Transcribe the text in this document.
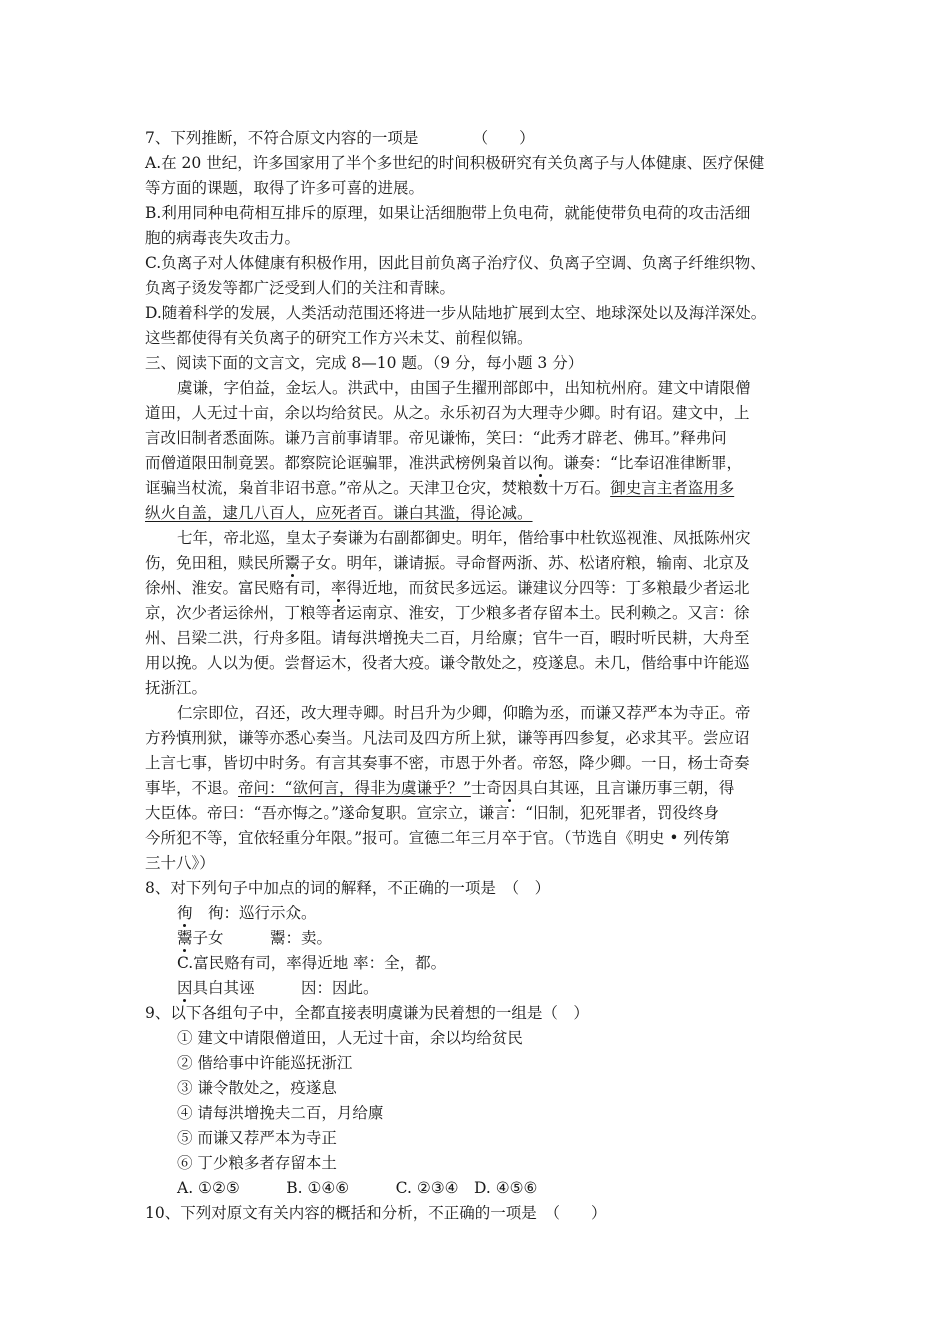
7、下列推断，不符合原文内容的一项是　　　　（　　）
A.在 20 世纪，许多国家用了半个多世纪的时间积极研究有关负离子与人体健康、医疗保健
等方面的课题，取得了许多可喜的进展。
B.利用同种电荷相互排斥的原理，如果让活细胞带上负电荷，就能使带负电荷的攻击活细
胞的病毒丧失攻击力。
C.负离子对人体健康有积极作用，因此目前负离子治疗仪、负离子空调、负离子纤维织物、
负离子烫发等都广泛受到人们的关注和青睐。
D.随着科学的发展，人类活动范围还将进一步从陆地扩展到太空、地球深处以及海洋深处。
这些都使得有关负离子的研究工作方兴未艾、前程似锦。
三、阅读下面的文言文，完成 8—10 题。（9 分，每小题 3 分）
虞谦，字伯益，金坛人。洪武中，由国子生擢刑部郎中，出知杭州府。建文中请限僧
道田，人无过十亩，余以均给贫民。从之。永乐初召为大理寺少卿。时有诏。建文中，上
言改旧制者悉面陈。谦乃言前事请罪。帝见谦怖，笑曰：“此秀才辟老、佛耳。”释弗问
而僧道限田制竟罢。都察院论诓骗罪，准洪武榜例枭首以徇。谦奏：“比奉诏准律断罪，
诓骗当杖流，枭首非诏书意。”帝从之。天津卫仓灾，焚粮数十万石。御史言主者盗用多
纵火自盖，逮几八百人，应死者百。谦白其滥，得论减。
七年，帝北巡，皇太子奏谦为右副都御史。明年，偕给事中杜钦巡视淮、凤抵陈州灾
伤，免田租，赎民所鬻子女。明年，谦请振。寻命督两浙、苏、松诸府粮，输南、北京及
徐州、淮安。富民赂有司，率得近地，而贫民多远运。谦建议分四等：丁多粮最少者运北
京，次少者运徐州，丁粮等者运南京、淮安，丁少粮多者存留本土。民利赖之。又言：徐
州、吕梁二洪，行舟多阻。请每洪增挽夫二百，月给廪；官牛一百，暇时听民耕，大舟至
用以挽。人以为便。尝督运木，役者大疫。谦令散处之，疫遂息。未几，偕给事中许能巡
抚浙江。
仁宗即位，召还，改大理寺卿。时吕升为少卿，仰瞻为丞，而谦又荐严本为寺正。帝
方矜慎刑狱，谦等亦悉心奏当。凡法司及四方所上狱，谦等再四参复，必求其平。尝应诏
上言七事，皆切中时务。有言其奏事不密，市恩于外者。帝怒，降少卿。一日，杨士奇奏
事毕，不退。帝问：“欲何言，得非为虞谦乎？”士奇因具白其诬，且言谦历事三朝，得
大臣体。帝曰：“吾亦悔之。”遂命复职。宣宗立，谦言：“旧制，犯死罪者，罚役终身
今所犯不等，宜依轻重分年限。”报可。宣德二年三月卒于官。（节选自《明史 • 列传第
三十八》）
8、对下列句子中加点的词的解释，不正确的一项是　（　）
徇　徇：巡行示众。
鬻子女　　　鬻：卖。
C.富民赂有司，率得近地 率：全，都。
因具白其诬　　　因：因此。
9、以下各组句子中，全都直接表明虞谦为民着想的一组是（　）
① 建文中请限僧道田，人无过十亩，余以均给贫民
② 偕给事中许能巡抚浙江
③ 谦令散处之，疫遂息
④ 请每洪增挽夫二百，月给廪
⑤ 而谦又荐严本为寺正
⑥ 丁少粮多者存留本土
A. ①②⑤　　　B. ①④⑥　　　C. ②③④　D. ④⑤⑥
10、下列对原文有关内容的概括和分析，不正确的一项是　（　　）
